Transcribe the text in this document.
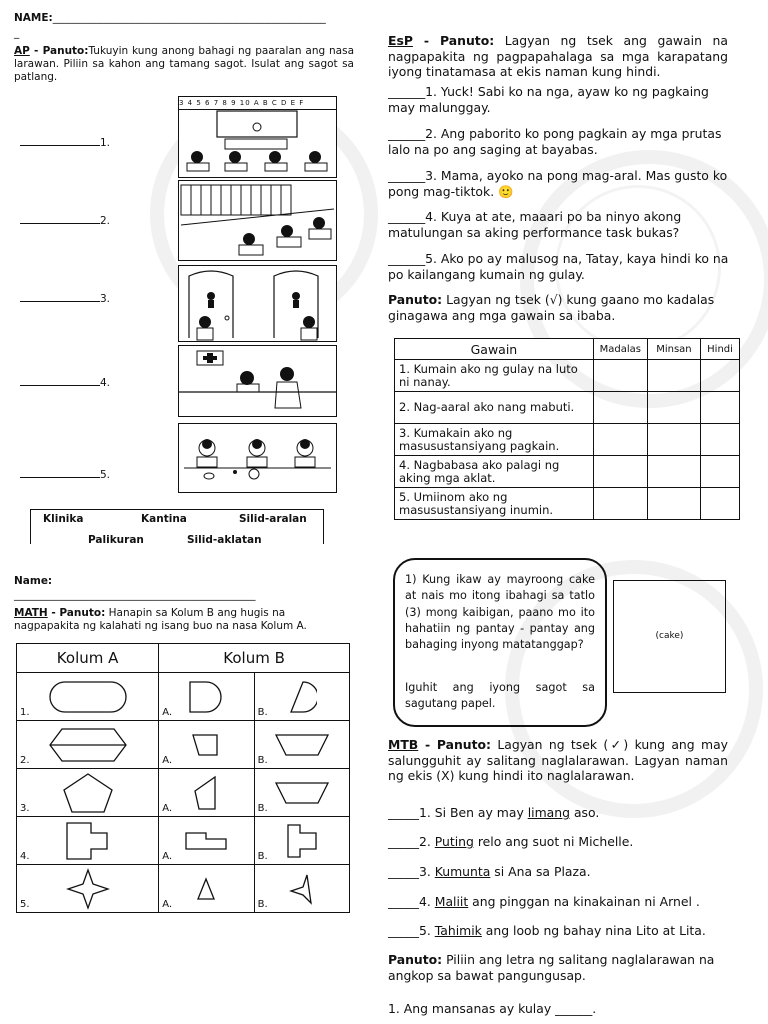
NAME:____________________________________________________
_
AP - Panuto:Tukuyin kung anong bahagi ng paaralan ang nasa larawan. Piliin sa kahon ang tamang sagot. Isulat ang sagot sa patlang.
1.
2.
3.
4.
5.
3 4 5 6 7 8 9 10 A B C D E F
Klinika	Kantina	Silid-aralan
Palikuran	Silid-aklatan
EsP - Panuto: Lagyan ng tsek ang gawain na nagpapakita ng pagpapahalaga sa mga karapatang iyong tinatamasa at ekis naman kung hindi.
______1. Yuck! Sabi ko na nga, ayaw ko ng pagkaing may malunggay.
______2. Ang paborito ko pong pagkain ay mga prutas lalo na po ang saging at bayabas.
______3. Mama, ayoko na pong mag-aral. Mas gusto ko pong mag-tiktok. 🙂
______4. Kuya at ate, maaari po ba ninyo akong matulungan sa aking performance task bukas?
______5. Ako po ay malusog na, Tatay, kaya hindi ko na po kailangang kumain ng gulay.
Panuto: Lagyan ng tsek (√) kung gaano mo kadalas ginagawa ang mga gawain sa ibaba.
Gawain	Madalas	Minsan	Hindi
1. Kumain ako ng gulay na luto ni nanay.			
2. Nag-aaral ako nang mabuti.			
3. Kumakain ako ng masusustansiyang pagkain.			
4. Nagbabasa ako palagi ng aking mga aklat.			
5. Umiinom ako ng masusustansiyang inumin.			
Name:
______________________________________________
MATH - Panuto: Hanapin sa Kolum B ang hugis na nagpapakita ng kalahati ng isang buo na nasa Kolum A.
Kolum A	Kolum B	

1.	A.	B.

2.	A.	B.

3.	A.	B.

4.	A.	B.

5.	A.	B.
1) Kung ikaw ay mayroong cake at nais mo itong ibahagi sa tatlo (3) mong kaibigan, paano mo ito hahatiin ng pantay - pantay ang bahaging inyong matatanggap?
Iguhit ang iyong sagot sa sagutang papel.
(cake)
MTB - Panuto: Lagyan ng tsek (✓) kung ang may salungguhit ay salitang naglalarawan. Lagyan naman ng ekis (X) kung hindi ito naglalarawan.
_____1. Si Ben ay may limang aso.
_____2. Puting relo ang suot ni Michelle.
_____3. Kumunta si Ana sa Plaza.
_____4. Maliit ang pinggan na kinakainan ni Arnel .
_____5. Tahimik ang loob ng bahay nina Lito at Lita.
Panuto: Piliin ang letra ng salitang naglalarawan na angkop sa bawat pangungusap.
1. Ang mansanas ay kulay ______.
